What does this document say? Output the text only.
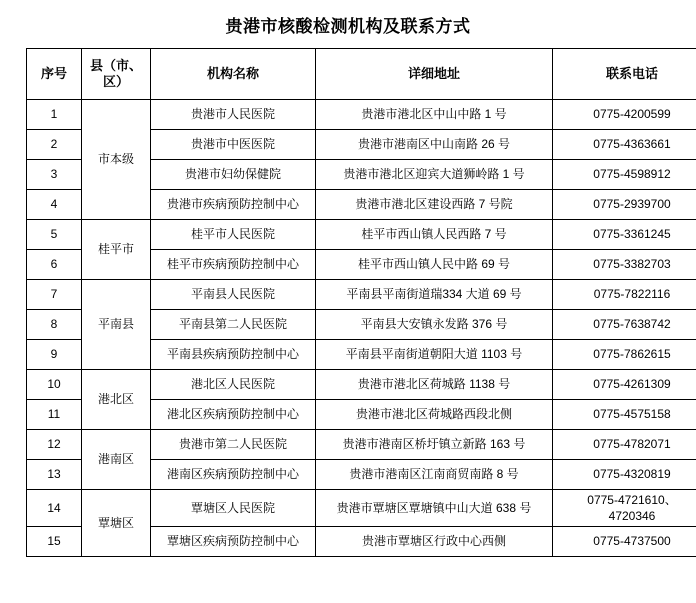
贵港市核酸检测机构及联系方式
序号	县（市、区）	机构名称	详细地址	联系电话
1	市本级	贵港市人民医院	贵港市港北区中山中路 1 号	0775-4200599
2		贵港市中医医院	贵港市港南区中山南路 26 号	0775-4363661
3		贵港市妇幼保健院	贵港市港北区迎宾大道狮岭路 1 号	0775-4598912
4		贵港市疾病预防控制中心	贵港市港北区建设西路 7 号院	0775-2939700
5	桂平市	桂平市人民医院	桂平市西山镇人民西路 7 号	0775-3361245
6		桂平市疾病预防控制中心	桂平市西山镇人民中路 69 号	0775-3382703
7	平南县	平南县人民医院	平南县平南街道瑞334 大道 69 号	0775-7822116
8		平南县第二人民医院	平南县大安镇永发路 376 号	0775-7638742
9		平南县疾病预防控制中心	平南县平南街道朝阳大道 1103 号	0775-7862615
10	港北区	港北区人民医院	贵港市港北区荷城路 1138 号	0775-4261309
11		港北区疾病预防控制中心	贵港市港北区荷城路西段北侧	0775-4575158
12	港南区	贵港市第二人民医院	贵港市港南区桥圩镇立新路 163 号	0775-4782071
13		港南区疾病预防控制中心	贵港市港南区江南商贸南路 8 号	0775-4320819
14	覃塘区	覃塘区人民医院	贵港市覃塘区覃塘镇中山大道 638 号	0775-4721610、
4720346

15		覃塘区疾病预防控制中心	贵港市覃塘区行政中心西侧	0775-4737500
